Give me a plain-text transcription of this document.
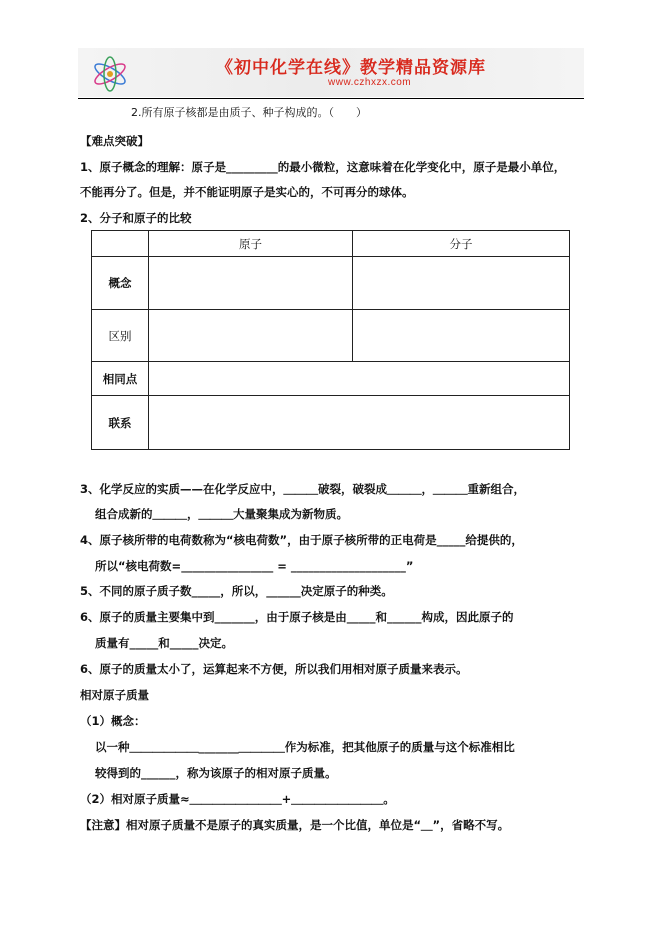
《初中化学在线》教学精品资源库
www.czhxzx.com
2.所有原子核都是由质子、种子构成的。（　　）
【难点突破】
1、原子概念的理解：原子是_________的最小微粒，这意味着在化学变化中，原子是最小单位，
不能再分了。但是，并不能证明原子是实心的，不可再分的球体。
2、分子和原子的比较
	原子	分子
概念		
区别		
相同点		
联系		
3、化学反应的实质——在化学反应中，＿＿＿破裂，破裂成＿＿＿，＿＿＿重新组合，
组合成新的＿＿＿，＿＿＿大量聚集成为新物质。
4、原子核所带的电荷数称为“核电荷数”，由于原子核所带的正电荷是_____给提供的，
所以“核电荷数=________________ = ____________________”
5、不同的原子质子数_____，所以，______决定原子的种类。
6、原子的质量主要集中到_______，由于原子核是由_____和______构成，因此原子的
质量有_____和_____决定。
6、原子的质量太小了，运算起来不方便，所以我们用相对原子质量来表示。
相对原子质量
（1）概念：
以一种＿＿＿＿＿＿_______＿＿＿＿作为标准，把其他原子的质量与这个标准相比
较得到的______，称为该原子的相对原子质量。
（2）相对原子质量≈＿＿＿＿＿＿＿＿+＿＿＿＿＿＿＿＿。
【注意】相对原子质量不是原子的真实质量，是一个比值，单位是“＿”，省略不写。
